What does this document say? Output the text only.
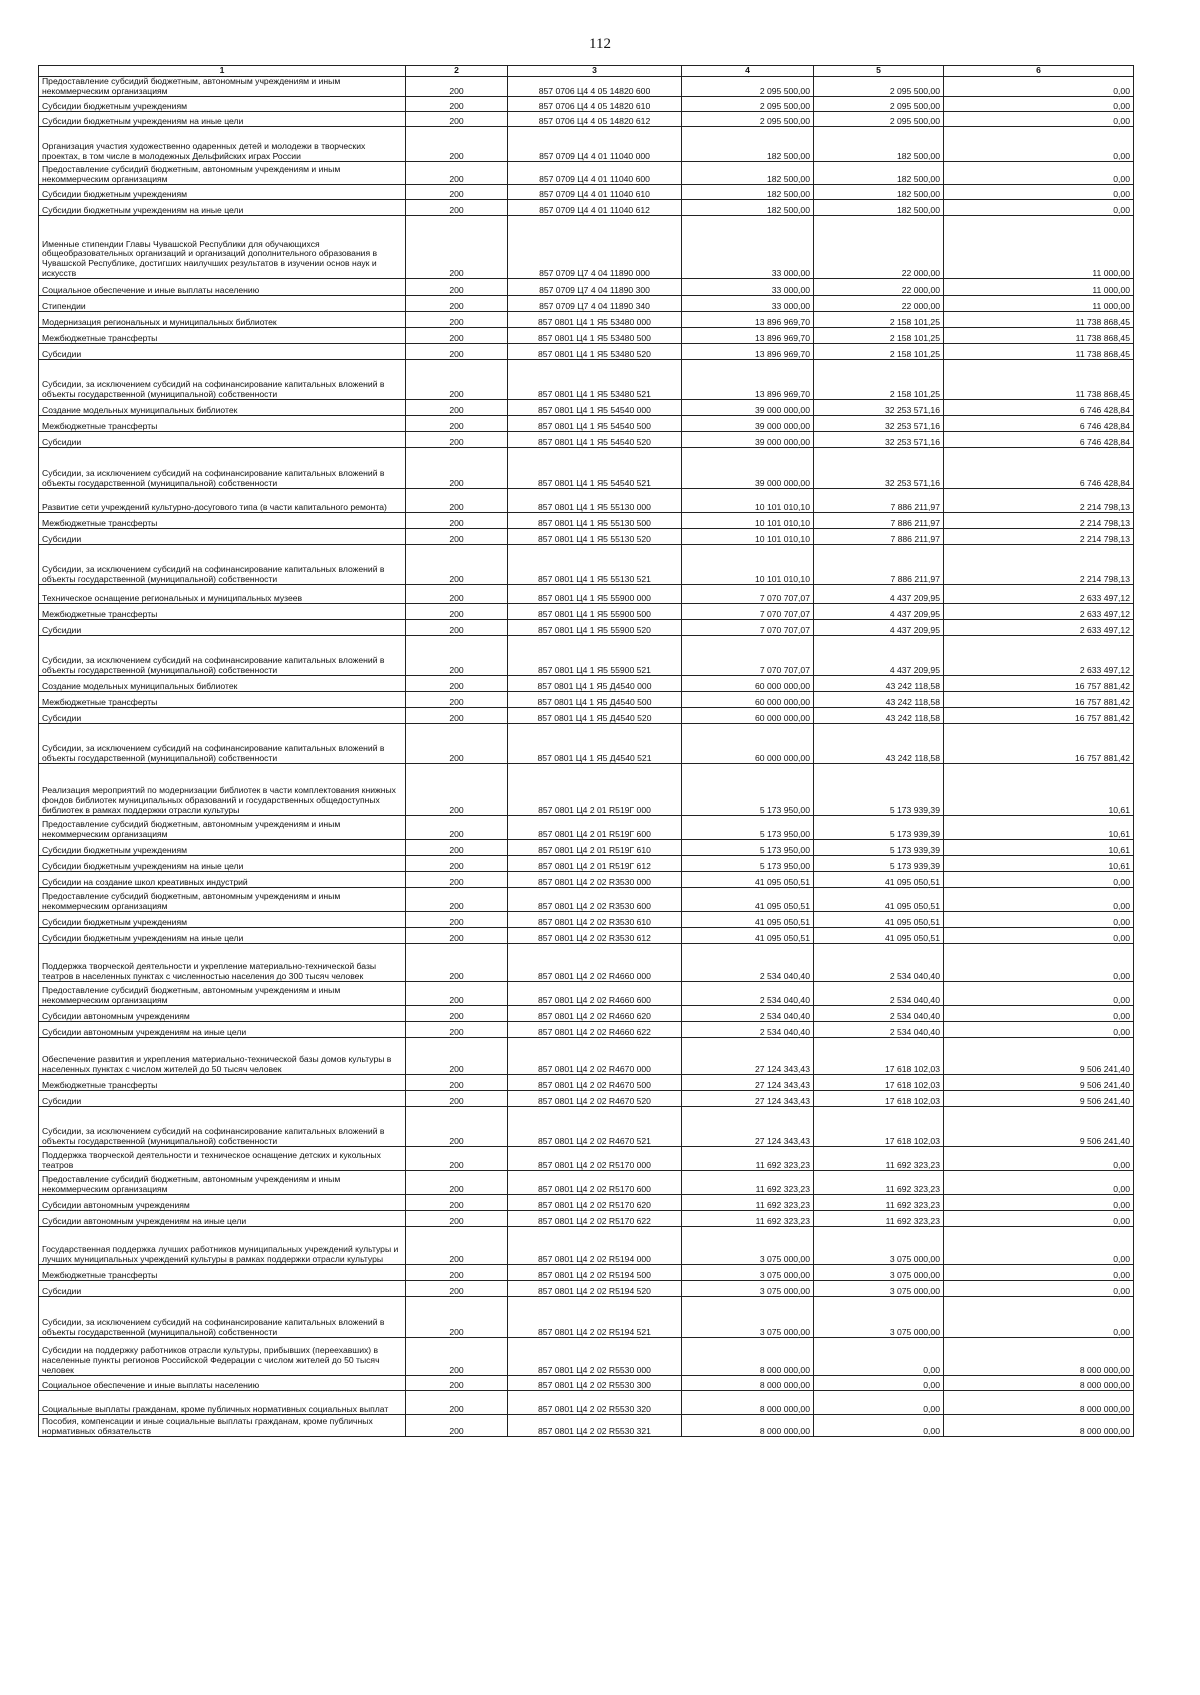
112
1	2	3	4	5	6
Предоставление субсидий бюджетным, автономным учреждениям и иным некоммерческим организациям	200	857 0706 Ц4 4 05 14820 600	2 095 500,00	2 095 500,00	0,00
Субсидии бюджетным учреждениям	200	857 0706 Ц4 4 05 14820 610	2 095 500,00	2 095 500,00	0,00
Субсидии бюджетным учреждениям на иные цели	200	857 0706 Ц4 4 05 14820 612	2 095 500,00	2 095 500,00	0,00
Организация участия художественно одаренных детей и молодежи в творческих проектах, в том числе в молодежных Дельфийских играх России	200	857 0709 Ц4 4 01 11040 000	182 500,00	182 500,00	0,00
Предоставление субсидий бюджетным, автономным учреждениям и иным некоммерческим организациям	200	857 0709 Ц4 4 01 11040 600	182 500,00	182 500,00	0,00
Субсидии бюджетным учреждениям	200	857 0709 Ц4 4 01 11040 610	182 500,00	182 500,00	0,00
Субсидии бюджетным учреждениям на иные цели	200	857 0709 Ц4 4 01 11040 612	182 500,00	182 500,00	0,00
Именные стипендии Главы Чувашской Республики для обучающихся общеобразовательных организаций и организаций дополнительного образования в Чувашской Республике, достигших наилучших результатов в изучении основ наук и искусств	200	857 0709 Ц7 4 04 11890 000	33 000,00	22 000,00	11 000,00
Социальное обеспечение и иные выплаты населению	200	857 0709 Ц7 4 04 11890 300	33 000,00	22 000,00	11 000,00
Стипендии	200	857 0709 Ц7 4 04 11890 340	33 000,00	22 000,00	11 000,00
Модернизация региональных и муниципальных библиотек	200	857 0801 Ц4 1 Я5 53480 000	13 896 969,70	2 158 101,25	11 738 868,45
Межбюджетные трансферты	200	857 0801 Ц4 1 Я5 53480 500	13 896 969,70	2 158 101,25	11 738 868,45
Субсидии	200	857 0801 Ц4 1 Я5 53480 520	13 896 969,70	2 158 101,25	11 738 868,45
Субсидии, за исключением субсидий на софинансирование капитальных вложений в объекты государственной (муниципальной) собственности	200	857 0801 Ц4 1 Я5 53480 521	13 896 969,70	2 158 101,25	11 738 868,45
Создание модельных муниципальных библиотек	200	857 0801 Ц4 1 Я5 54540 000	39 000 000,00	32 253 571,16	6 746 428,84
Межбюджетные трансферты	200	857 0801 Ц4 1 Я5 54540 500	39 000 000,00	32 253 571,16	6 746 428,84
Субсидии	200	857 0801 Ц4 1 Я5 54540 520	39 000 000,00	32 253 571,16	6 746 428,84
Субсидии, за исключением субсидий на софинансирование капитальных вложений в объекты государственной (муниципальной) собственности	200	857 0801 Ц4 1 Я5 54540 521	39 000 000,00	32 253 571,16	6 746 428,84
Развитие сети учреждений культурно-досугового типа (в части капитального ремонта)	200	857 0801 Ц4 1 Я5 55130 000	10 101 010,10	7 886 211,97	2 214 798,13
Межбюджетные трансферты	200	857 0801 Ц4 1 Я5 55130 500	10 101 010,10	7 886 211,97	2 214 798,13
Субсидии	200	857 0801 Ц4 1 Я5 55130 520	10 101 010,10	7 886 211,97	2 214 798,13
Субсидии, за исключением субсидий на софинансирование капитальных вложений в объекты государственной (муниципальной) собственности	200	857 0801 Ц4 1 Я5 55130 521	10 101 010,10	7 886 211,97	2 214 798,13
Техническое оснащение региональных и муниципальных музеев	200	857 0801 Ц4 1 Я5 55900 000	7 070 707,07	4 437 209,95	2 633 497,12
Межбюджетные трансферты	200	857 0801 Ц4 1 Я5 55900 500	7 070 707,07	4 437 209,95	2 633 497,12
Субсидии	200	857 0801 Ц4 1 Я5 55900 520	7 070 707,07	4 437 209,95	2 633 497,12
Субсидии, за исключением субсидий на софинансирование капитальных вложений в объекты государственной (муниципальной) собственности	200	857 0801 Ц4 1 Я5 55900 521	7 070 707,07	4 437 209,95	2 633 497,12
Создание модельных муниципальных библиотек	200	857 0801 Ц4 1 Я5 Д4540 000	60 000 000,00	43 242 118,58	16 757 881,42
Межбюджетные трансферты	200	857 0801 Ц4 1 Я5 Д4540 500	60 000 000,00	43 242 118,58	16 757 881,42
Субсидии	200	857 0801 Ц4 1 Я5 Д4540 520	60 000 000,00	43 242 118,58	16 757 881,42
Субсидии, за исключением субсидий на софинансирование капитальных вложений в объекты государственной (муниципальной) собственности	200	857 0801 Ц4 1 Я5 Д4540 521	60 000 000,00	43 242 118,58	16 757 881,42
Реализация мероприятий по модернизации библиотек в части комплектования книжных фондов библиотек муниципальных образований и государственных общедоступных библиотек в рамках поддержки отрасли культуры	200	857 0801 Ц4 2 01 R519Г 000	5 173 950,00	5 173 939,39	10,61
Предоставление субсидий бюджетным, автономным учреждениям и иным некоммерческим организациям	200	857 0801 Ц4 2 01 R519Г 600	5 173 950,00	5 173 939,39	10,61
Субсидии бюджетным учреждениям	200	857 0801 Ц4 2 01 R519Г 610	5 173 950,00	5 173 939,39	10,61
Субсидии бюджетным учреждениям на иные цели	200	857 0801 Ц4 2 01 R519Г 612	5 173 950,00	5 173 939,39	10,61
Субсидии на создание школ креативных индустрий	200	857 0801 Ц4 2 02 R3530 000	41 095 050,51	41 095 050,51	0,00
Предоставление субсидий бюджетным, автономным учреждениям и иным некоммерческим организациям	200	857 0801 Ц4 2 02 R3530 600	41 095 050,51	41 095 050,51	0,00
Субсидии бюджетным учреждениям	200	857 0801 Ц4 2 02 R3530 610	41 095 050,51	41 095 050,51	0,00
Субсидии бюджетным учреждениям на иные цели	200	857 0801 Ц4 2 02 R3530 612	41 095 050,51	41 095 050,51	0,00
Поддержка творческой деятельности и укрепление материально-технической базы театров в населенных пунктах с численностью населения до 300 тысяч человек	200	857 0801 Ц4 2 02 R4660 000	2 534 040,40	2 534 040,40	0,00
Предоставление субсидий бюджетным, автономным учреждениям и иным некоммерческим организациям	200	857 0801 Ц4 2 02 R4660 600	2 534 040,40	2 534 040,40	0,00
Субсидии автономным учреждениям	200	857 0801 Ц4 2 02 R4660 620	2 534 040,40	2 534 040,40	0,00
Субсидии автономным учреждениям на иные цели	200	857 0801 Ц4 2 02 R4660 622	2 534 040,40	2 534 040,40	0,00
Обеспечение развития и укрепления материально-технической базы домов культуры в населенных пунктах с числом жителей до 50 тысяч человек	200	857 0801 Ц4 2 02 R4670 000	27 124 343,43	17 618 102,03	9 506 241,40
Межбюджетные трансферты	200	857 0801 Ц4 2 02 R4670 500	27 124 343,43	17 618 102,03	9 506 241,40
Субсидии	200	857 0801 Ц4 2 02 R4670 520	27 124 343,43	17 618 102,03	9 506 241,40
Субсидии, за исключением субсидий на софинансирование капитальных вложений в объекты государственной (муниципальной) собственности	200	857 0801 Ц4 2 02 R4670 521	27 124 343,43	17 618 102,03	9 506 241,40
Поддержка творческой деятельности и техническое оснащение детских и кукольных театров	200	857 0801 Ц4 2 02 R5170 000	11 692 323,23	11 692 323,23	0,00
Предоставление субсидий бюджетным, автономным учреждениям и иным некоммерческим организациям	200	857 0801 Ц4 2 02 R5170 600	11 692 323,23	11 692 323,23	0,00
Субсидии автономным учреждениям	200	857 0801 Ц4 2 02 R5170 620	11 692 323,23	11 692 323,23	0,00
Субсидии автономным учреждениям на иные цели	200	857 0801 Ц4 2 02 R5170 622	11 692 323,23	11 692 323,23	0,00
Государственная поддержка лучших работников муниципальных учреждений культуры и лучших муниципальных учреждений культуры в рамках поддержки отрасли культуры	200	857 0801 Ц4 2 02 R5194 000	3 075 000,00	3 075 000,00	0,00
Межбюджетные трансферты	200	857 0801 Ц4 2 02 R5194 500	3 075 000,00	3 075 000,00	0,00
Субсидии	200	857 0801 Ц4 2 02 R5194 520	3 075 000,00	3 075 000,00	0,00
Субсидии, за исключением субсидий на софинансирование капитальных вложений в объекты государственной (муниципальной) собственности	200	857 0801 Ц4 2 02 R5194 521	3 075 000,00	3 075 000,00	0,00
Субсидии на поддержку работников отрасли культуры, прибывших (переехавших) в населенные пункты регионов Российской Федерации с числом жителей до 50 тысяч человек	200	857 0801 Ц4 2 02 R5530 000	8 000 000,00	0,00	8 000 000,00
Социальное обеспечение и иные выплаты населению	200	857 0801 Ц4 2 02 R5530 300	8 000 000,00	0,00	8 000 000,00
Социальные выплаты гражданам, кроме публичных нормативных социальных выплат	200	857 0801 Ц4 2 02 R5530 320	8 000 000,00	0,00	8 000 000,00
Пособия, компенсации и иные социальные выплаты гражданам, кроме публичных нормативных обязательств	200	857 0801 Ц4 2 02 R5530 321	8 000 000,00	0,00	8 000 000,00
